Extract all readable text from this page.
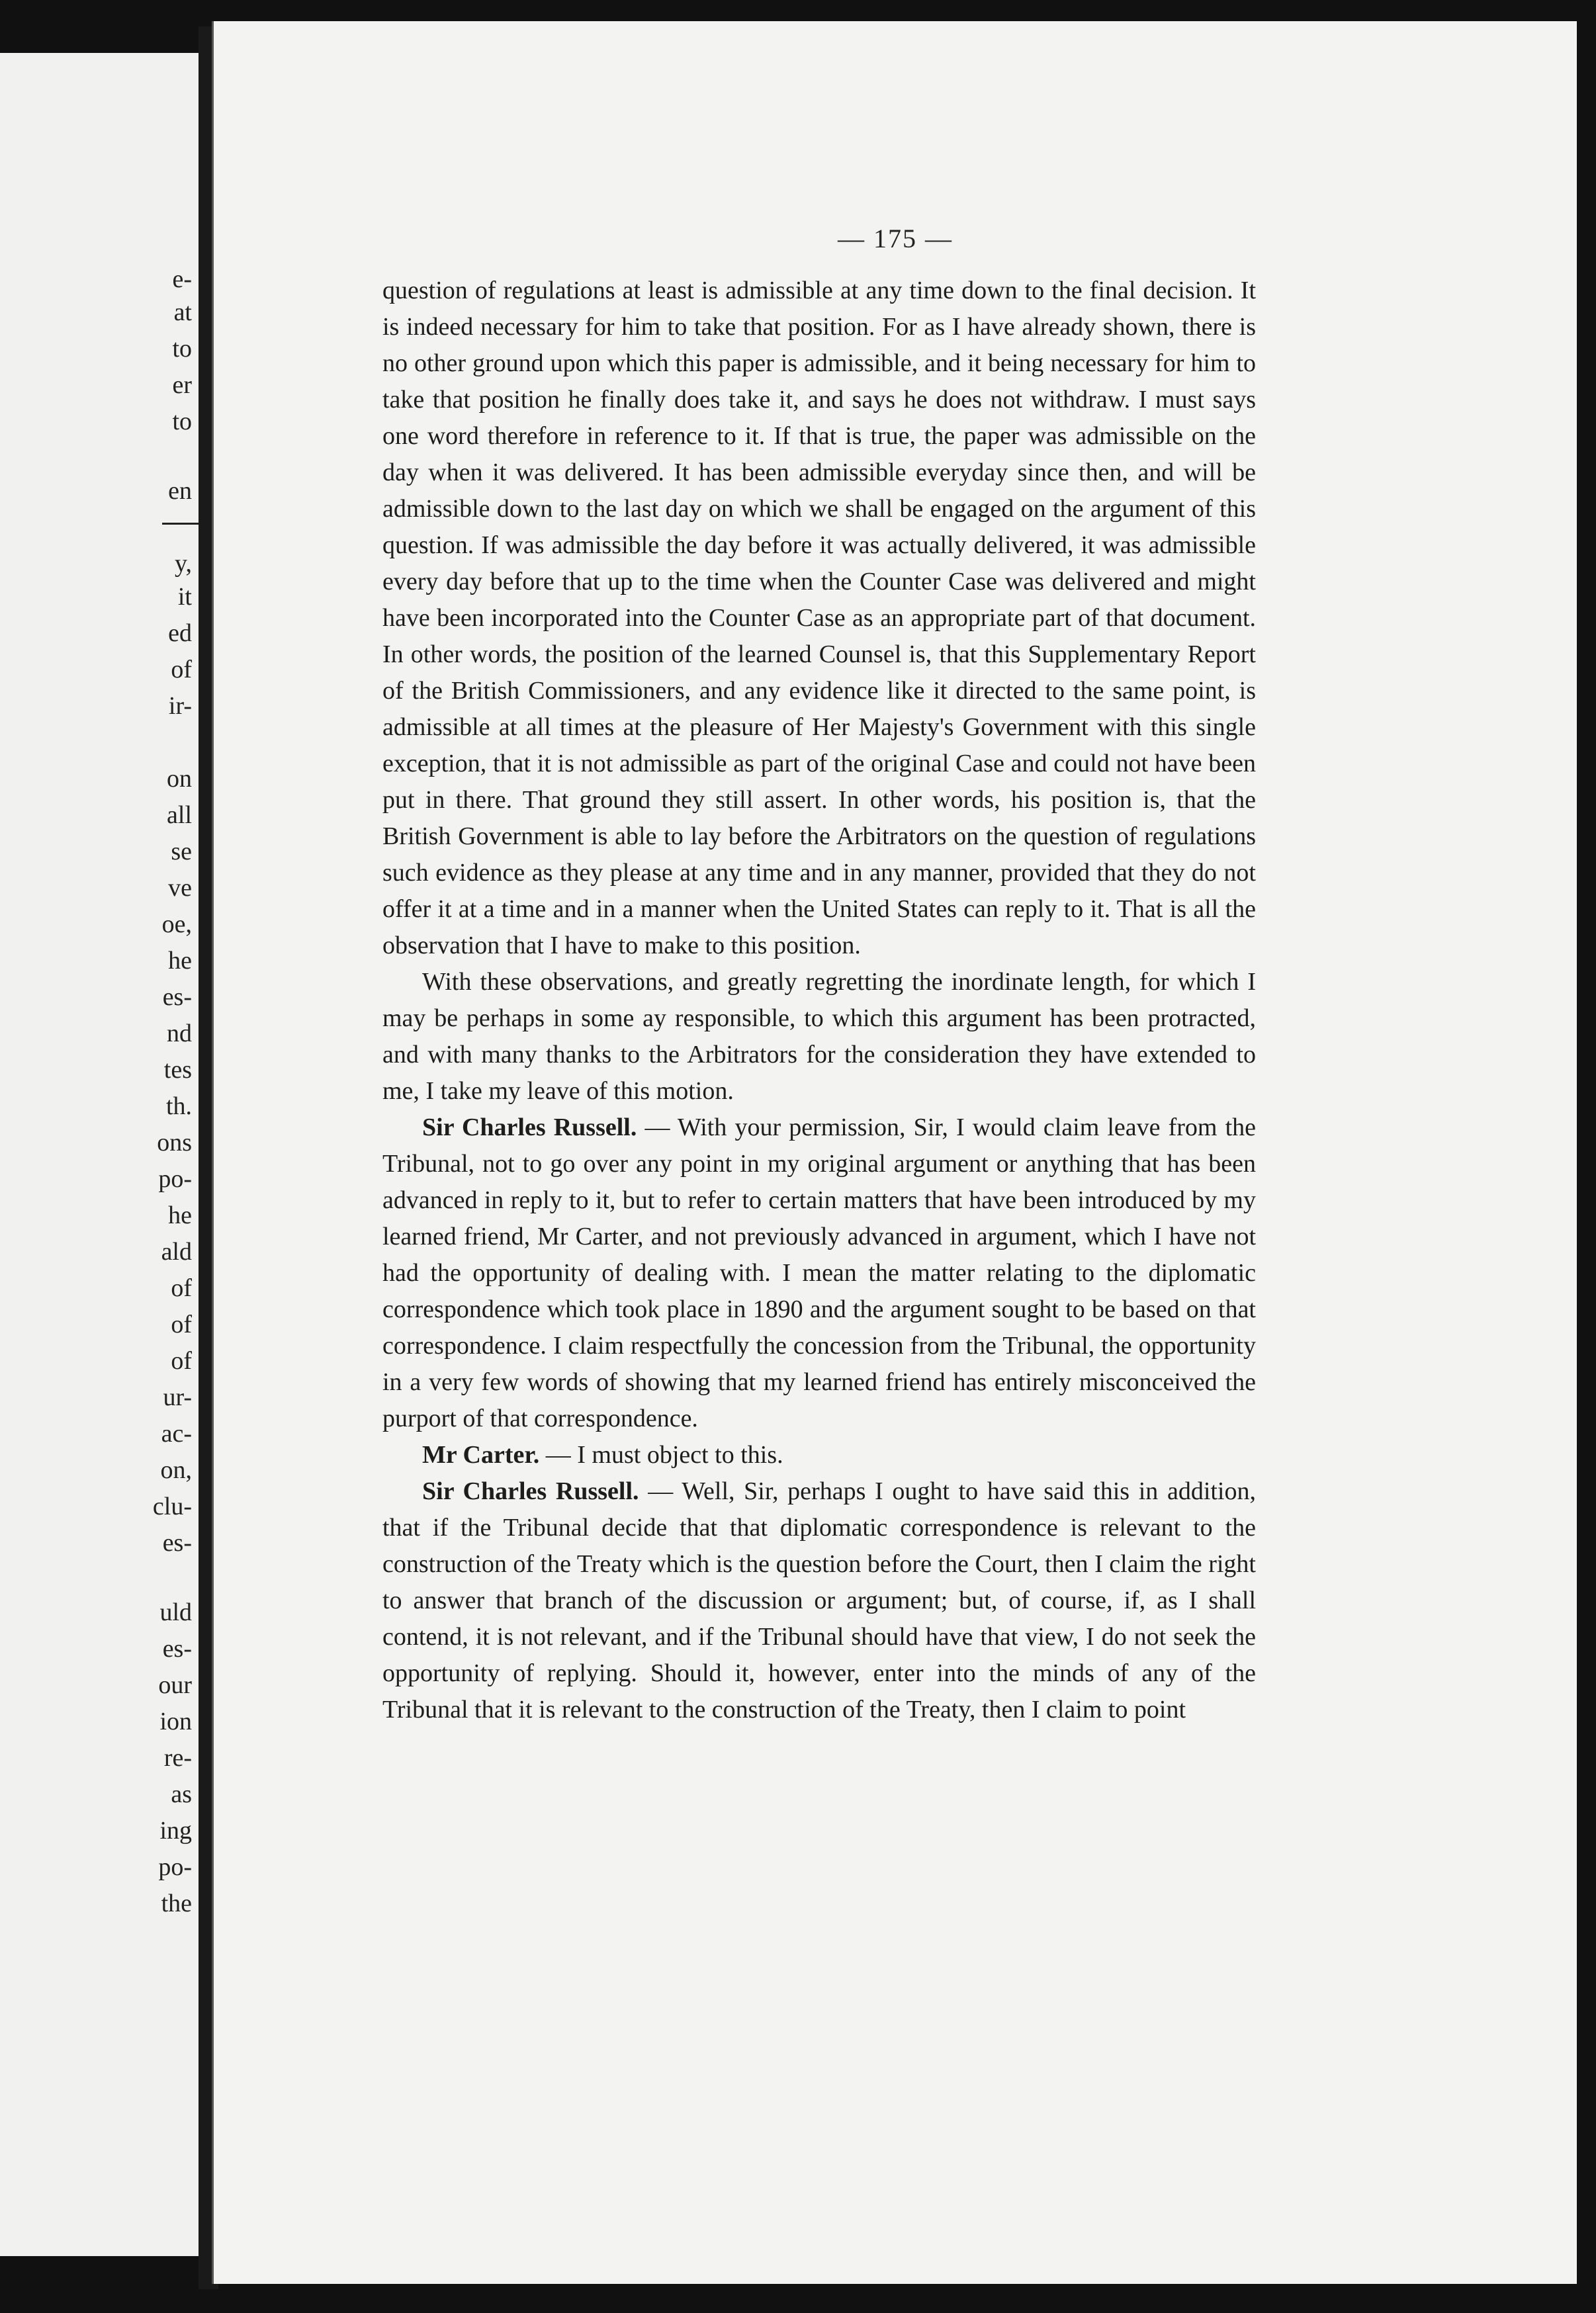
e-
at
to
er
to
en
y,
it
ed
of
ir-
on
all
se
ve
oe,
he
es-
nd
tes
th.
ons
po-
he
ald
of
of
of
ur-
ac-
on,
clu-
es-
uld
es-
our
ion
re-
as
ing
po-
the
— 175 —

question of regulations at least is admissible at any time down to the final decision. It is indeed necessary for him to take that position. For as I have already shown, there is no other ground upon which this paper is admissible, and it being necessary for him to take that position he finally does take it, and says he does not withdraw. I must says one word therefore in reference to it. If that is true, the paper was admissible on the day when it was delivered. It has been admissible everyday since then, and will be admissible down to the last day on which we shall be engaged on the argument of this question. If was admissible the day before it was actually delivered, it was admissible every day before that up to the time when the Counter Case was delivered and might have been incorporated into the Counter Case as an appropriate part of that document. In other words, the position of the learned Counsel is, that this Supplementary Report of the British Commissioners, and any evidence like it directed to the same point, is admissible at all times at the pleasure of Her Majesty's Government with this single exception, that it is not admissible as part of the original Case and could not have been put in there. That ground they still assert. In other words, his position is, that the British Government is able to lay before the Arbitrators on the question of regulations such evidence as they please at any time and in any manner, provided that they do not offer it at a time and in a manner when the United States can reply to it. That is all the observation that I have to make to this position.

With these observations, and greatly regretting the inordinate length, for which I may be perhaps in some ay responsible, to which this argument has been protracted, and with many thanks to the Arbitrators for the consideration they have extended to me, I take my leave of this motion.

Sir Charles Russell. — With your permission, Sir, I would claim leave from the Tribunal, not to go over any point in my original argument or anything that has been advanced in reply to it, but to refer to certain matters that have been introduced by my learned friend, Mr Carter, and not previously advanced in argument, which I have not had the opportunity of dealing with. I mean the matter relating to the diplomatic correspondence which took place in 1890 and the argument sought to be based on that correspondence. I claim respectfully the concession from the Tribunal, the opportunity in a very few words of showing that my learned friend has entirely misconceived the purport of that correspondence.

Mr Carter. — I must object to this.

Sir Charles Russell. — Well, Sir, perhaps I ought to have said this in addition, that if the Tribunal decide that that diplomatic correspondence is relevant to the construction of the Treaty which is the question before the Court, then I claim the right to answer that branch of the discussion or argument; but, of course, if, as I shall contend, it is not relevant, and if the Tribunal should have that view, I do not seek the opportunity of replying. Should it, however, enter into the minds of any of the Tribunal that it is relevant to the construction of the Treaty, then I claim to point
